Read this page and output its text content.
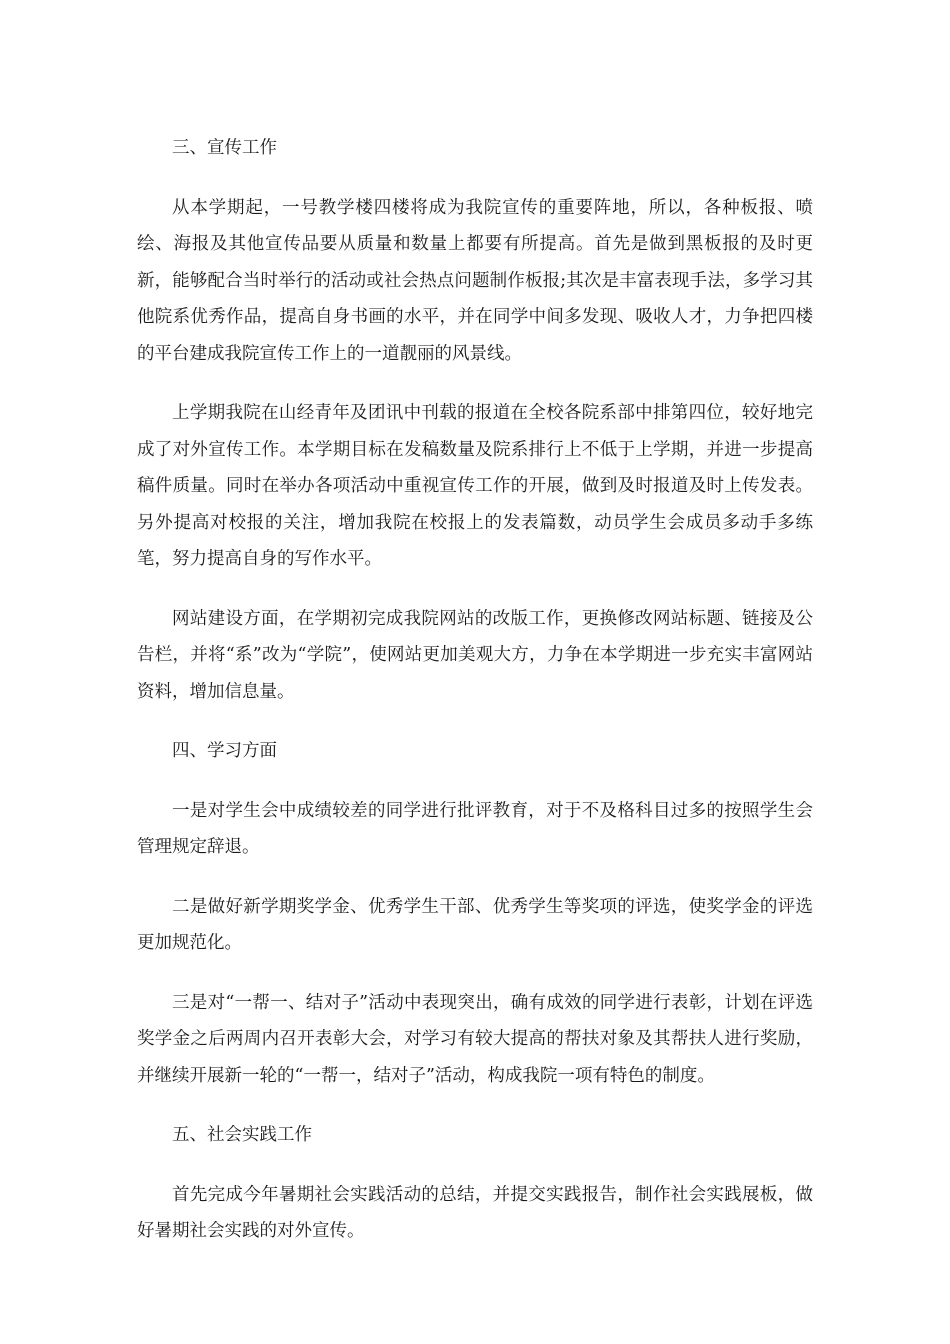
三、宣传工作

从本学期起，一号教学楼四楼将成为我院宣传的重要阵地，所以，各种板报、喷绘、海报及其他宣传品要从质量和数量上都要有所提高。首先是做到黑板报的及时更新，能够配合当时举行的活动或社会热点问题制作板报;其次是丰富表现手法，多学习其他院系优秀作品，提高自身书画的水平，并在同学中间多发现、吸收人才，力争把四楼的平台建成我院宣传工作上的一道靓丽的风景线。

上学期我院在山经青年及团讯中刊载的报道在全校各院系部中排第四位，较好地完成了对外宣传工作。本学期目标在发稿数量及院系排行上不低于上学期，并进一步提高稿件质量。同时在举办各项活动中重视宣传工作的开展，做到及时报道及时上传发表。另外提高对校报的关注，增加我院在校报上的发表篇数，动员学生会成员多动手多练笔，努力提高自身的写作水平。

网站建设方面，在学期初完成我院网站的改版工作，更换修改网站标题、链接及公告栏，并将“系”改为“学院”，使网站更加美观大方，力争在本学期进一步充实丰富网站资料，增加信息量。

四、学习方面

一是对学生会中成绩较差的同学进行批评教育，对于不及格科目过多的按照学生会管理规定辞退。

二是做好新学期奖学金、优秀学生干部、优秀学生等奖项的评选，使奖学金的评选更加规范化。

三是对“一帮一、结对子”活动中表现突出，确有成效的同学进行表彰，计划在评选奖学金之后两周内召开表彰大会，对学习有较大提高的帮扶对象及其帮扶人进行奖励，并继续开展新一轮的“一帮一，结对子”活动，构成我院一项有特色的制度。

五、社会实践工作

首先完成今年暑期社会实践活动的总结，并提交实践报告，制作社会实践展板，做好暑期社会实践的对外宣传。
